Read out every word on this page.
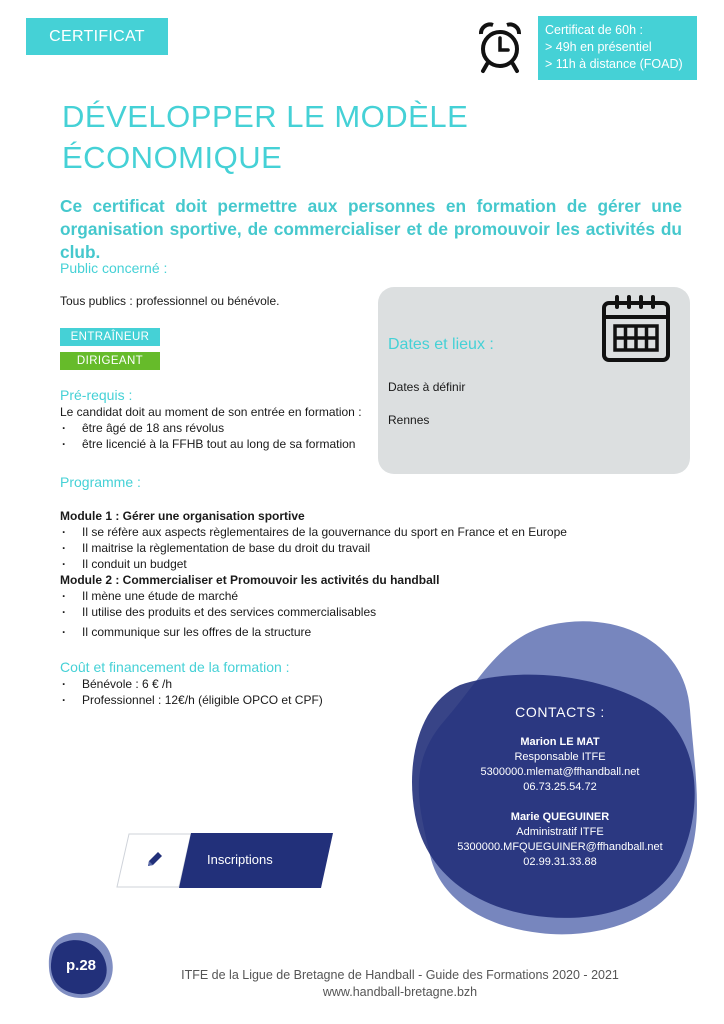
CERTIFICAT	Certificat de 60h :
> 49h en présentiel
> 11h à distance (FOAD)
DÉVELOPPER LE MODÈLE
ÉCONOMIQUE
Ce certificat doit permettre aux personnes en formation de gérer une organisation sportive, de commercialiser et de promouvoir les activités du club.
Public concerné :
Tous publics : professionnel ou bénévole.
ENTRAÎNEUR
DIRIGEANT
Pré-requis :
Le candidat doit au moment de son entrée en formation :
· être âgé de 18 ans révolus
· être licencié à la FFHB tout au long de sa formation
Dates et lieux :
Dates à définir
Rennes
Programme :
Module 1 : Gérer une organisation sportive
· Il se réfère aux aspects règlementaires de la gouvernance du sport en France et en Europe
· Il maitrise la règlementation de base du droit du travail
· Il conduit un budget
Module 2 : Commercialiser et Promouvoir les activités du handball
· Il mène une étude de marché
· Il utilise des produits et des services commercialisables
· Il communique sur les offres de la structure
Coût et financement de la formation :
· Bénévole : 6 € /h
· Professionnel : 12€/h (éligible OPCO et CPF)
CONTACTS :
Marion LE MAT
Responsable ITFE
5300000.mlemat@ffhandball.net
06.73.25.54.72
Marie QUEGUINER
Administratif ITFE
5300000.MFQUEGUINER@ffhandball.net
02.99.31.33.88
Inscriptions
p.28
ITFE de la Ligue de Bretagne de Handball - Guide des Formations 2020 - 2021
www.handball-bretagne.bzh
